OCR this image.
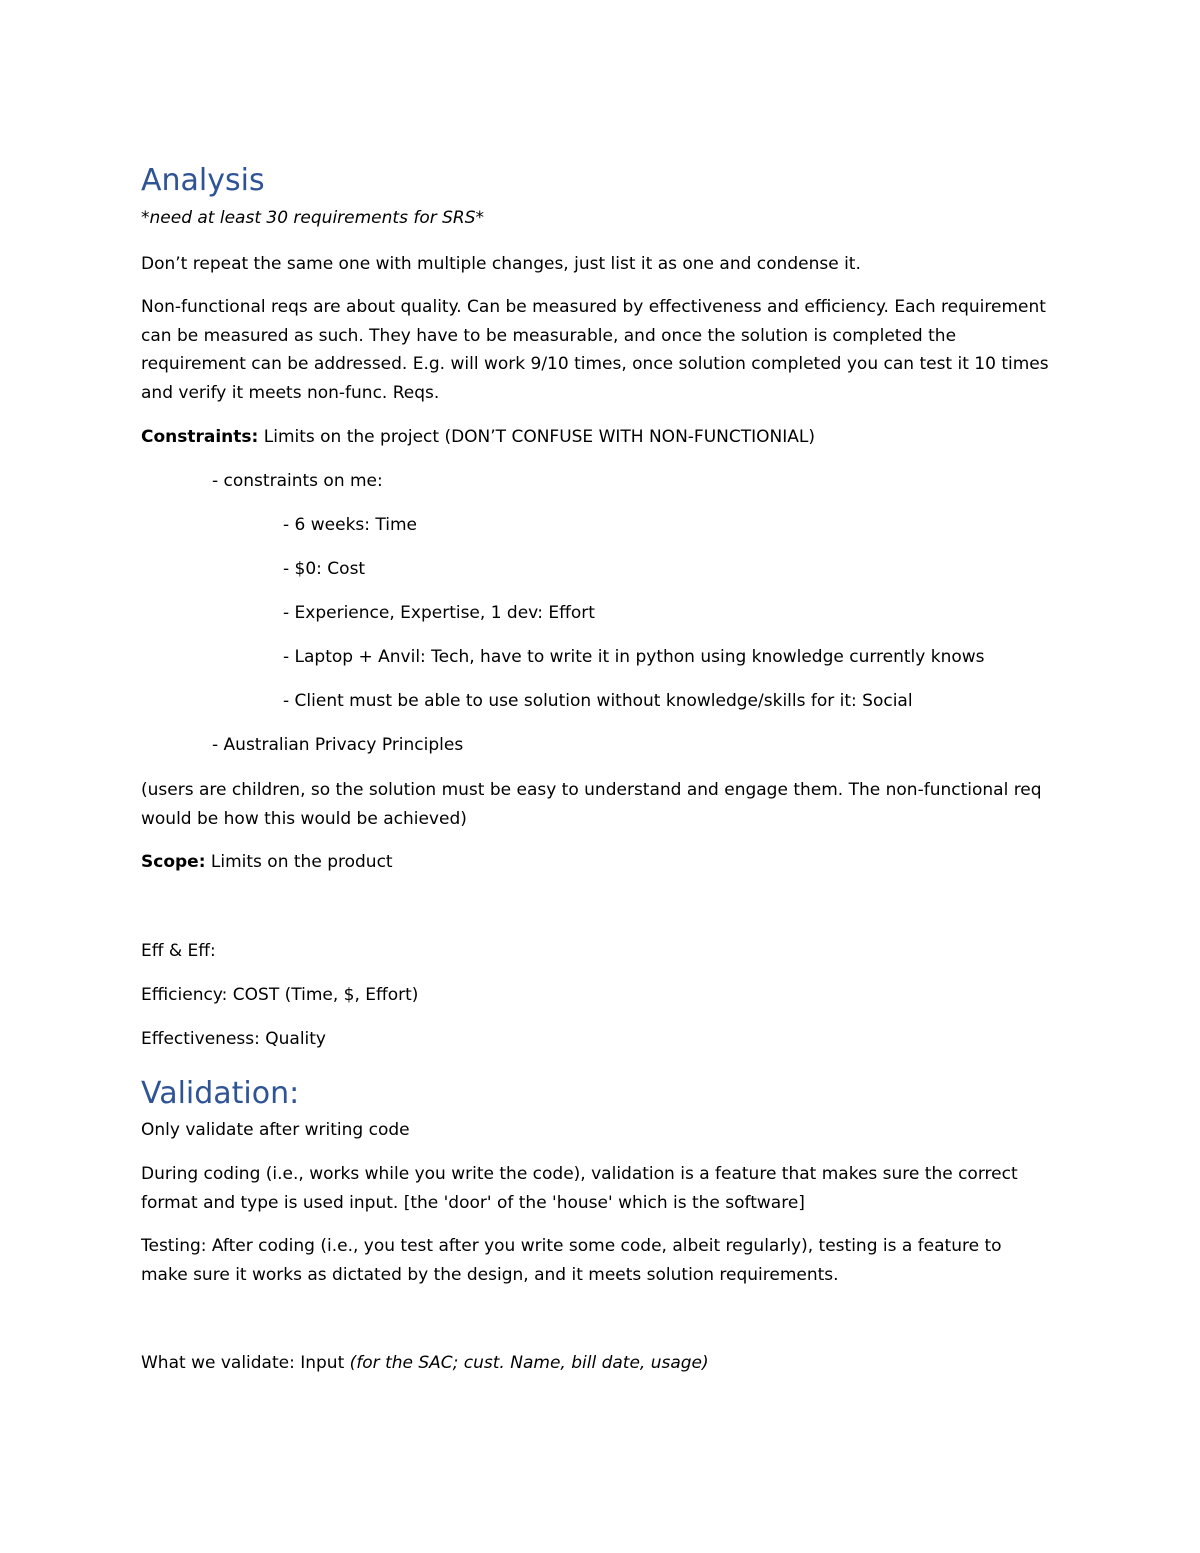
Analysis

*need at least 30 requirements for SRS*

Don’t repeat the same one with multiple changes, just list it as one and condense it.

Non-functional reqs are about quality. Can be measured by effectiveness and efficiency. Each requirement can be measured as such. They have to be measurable, and once the solution is completed the requirement can be addressed. E.g. will work 9/10 times, once solution completed you can test it 10 times and verify it meets non-func. Reqs.

Constraints: Limits on the project (DON’T CONFUSE WITH NON-FUNCTIONIAL)

- constraints on me:

- 6 weeks: Time

- $0: Cost

- Experience, Expertise, 1 dev: Effort

- Laptop + Anvil: Tech, have to write it in python using knowledge currently knows

- Client must be able to use solution without knowledge/skills for it: Social

- Australian Privacy Principles

(users are children, so the solution must be easy to understand and engage them. The non-functional req would be how this would be achieved)

Scope: Limits on the product

Eff & Eff:

Efficiency: COST (Time, $, Effort)

Effectiveness: Quality

Validation:

Only validate after writing code

During coding (i.e., works while you write the code), validation is a feature that makes sure the correct format and type is used input. [the 'door' of the 'house' which is the software]

Testing: After coding (i.e., you test after you write some code, albeit regularly), testing is a feature to make sure it works as dictated by the design, and it meets solution requirements.

What we validate: Input (for the SAC; cust. Name, bill date, usage)
